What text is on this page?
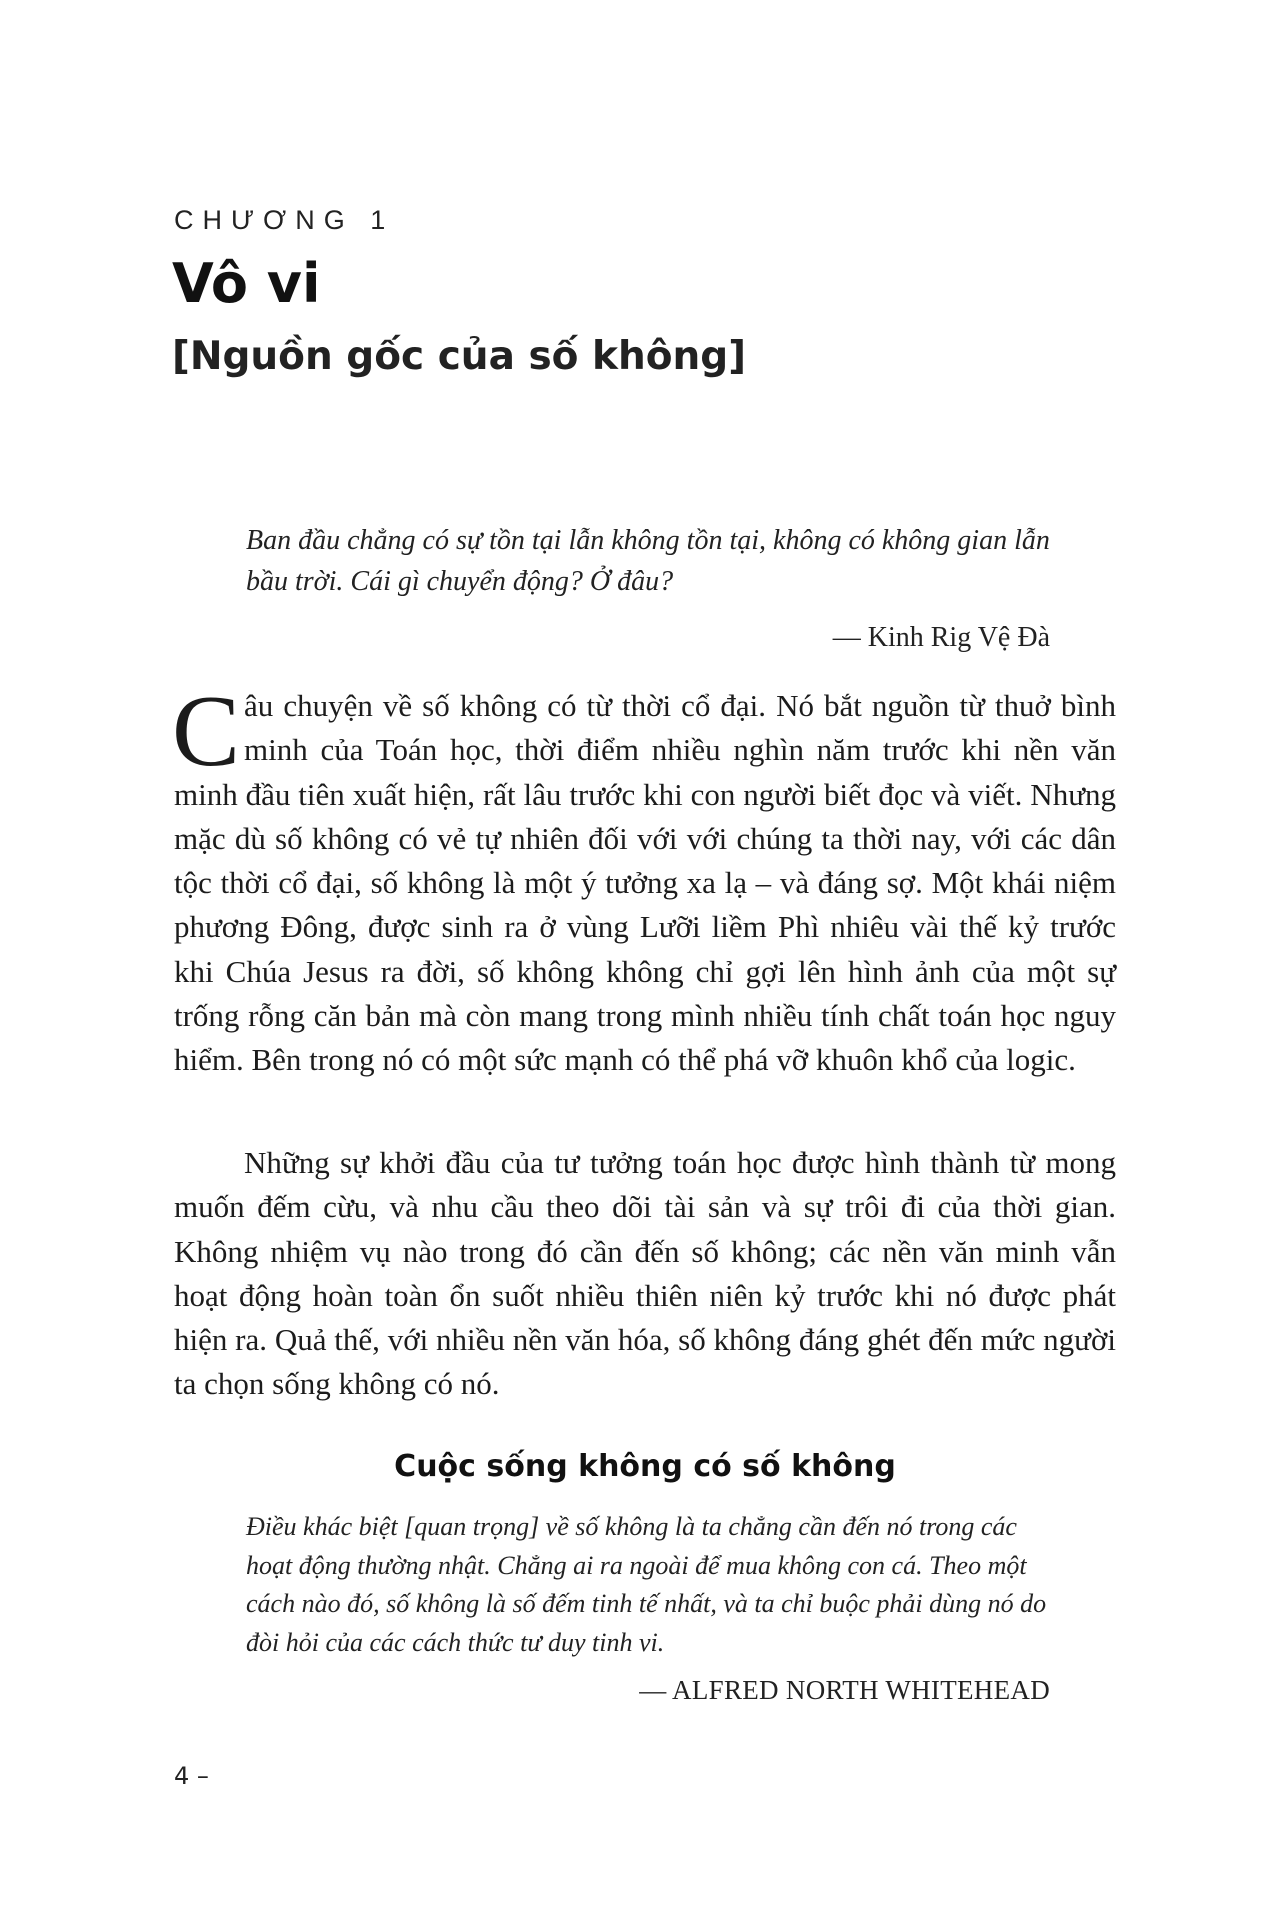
CHƯƠNG 1
Vô vi
[Nguồn gốc của số không]
Ban đầu chẳng có sự tồn tại lẫn không tồn tại, không có không gian lẫn bầu trời. Cái gì chuyển động? Ở đâu?
— Kinh Rig Vệ Đà

Câu chuyện về số không có từ thời cổ đại. Nó bắt nguồn từ thuở bình minh của Toán học, thời điểm nhiều nghìn năm trước khi nền văn minh đầu tiên xuất hiện, rất lâu trước khi con người biết đọc và viết. Nhưng mặc dù số không có vẻ tự nhiên đối với với chúng ta thời nay, với các dân tộc thời cổ đại, số không là một ý tưởng xa lạ – và đáng sợ. Một khái niệm phương Đông, được sinh ra ở vùng Lưỡi liềm Phì nhiêu vài thế kỷ trước khi Chúa Jesus ra đời, số không không chỉ gợi lên hình ảnh của một sự trống rỗng căn bản mà còn mang trong mình nhiều tính chất toán học nguy hiểm. Bên trong nó có một sức mạnh có thể phá vỡ khuôn khổ của logic.

Những sự khởi đầu của tư tưởng toán học được hình thành từ mong muốn đếm cừu, và nhu cầu theo dõi tài sản và sự trôi đi của thời gian. Không nhiệm vụ nào trong đó cần đến số không; các nền văn minh vẫn hoạt động hoàn toàn ổn suốt nhiều thiên niên kỷ trước khi nó được phát hiện ra. Quả thế, với nhiều nền văn hóa, số không đáng ghét đến mức người ta chọn sống không có nó.

Cuộc sống không có số không
Điều khác biệt [quan trọng] về số không là ta chẳng cần đến nó trong các hoạt động thường nhật. Chẳng ai ra ngoài để mua không con cá. Theo một cách nào đó, số không là số đếm tinh tế nhất, và ta chỉ buộc phải dùng nó do đòi hỏi của các cách thức tư duy tinh vi.
— ALFRED NORTH WHITEHEAD
4 –
